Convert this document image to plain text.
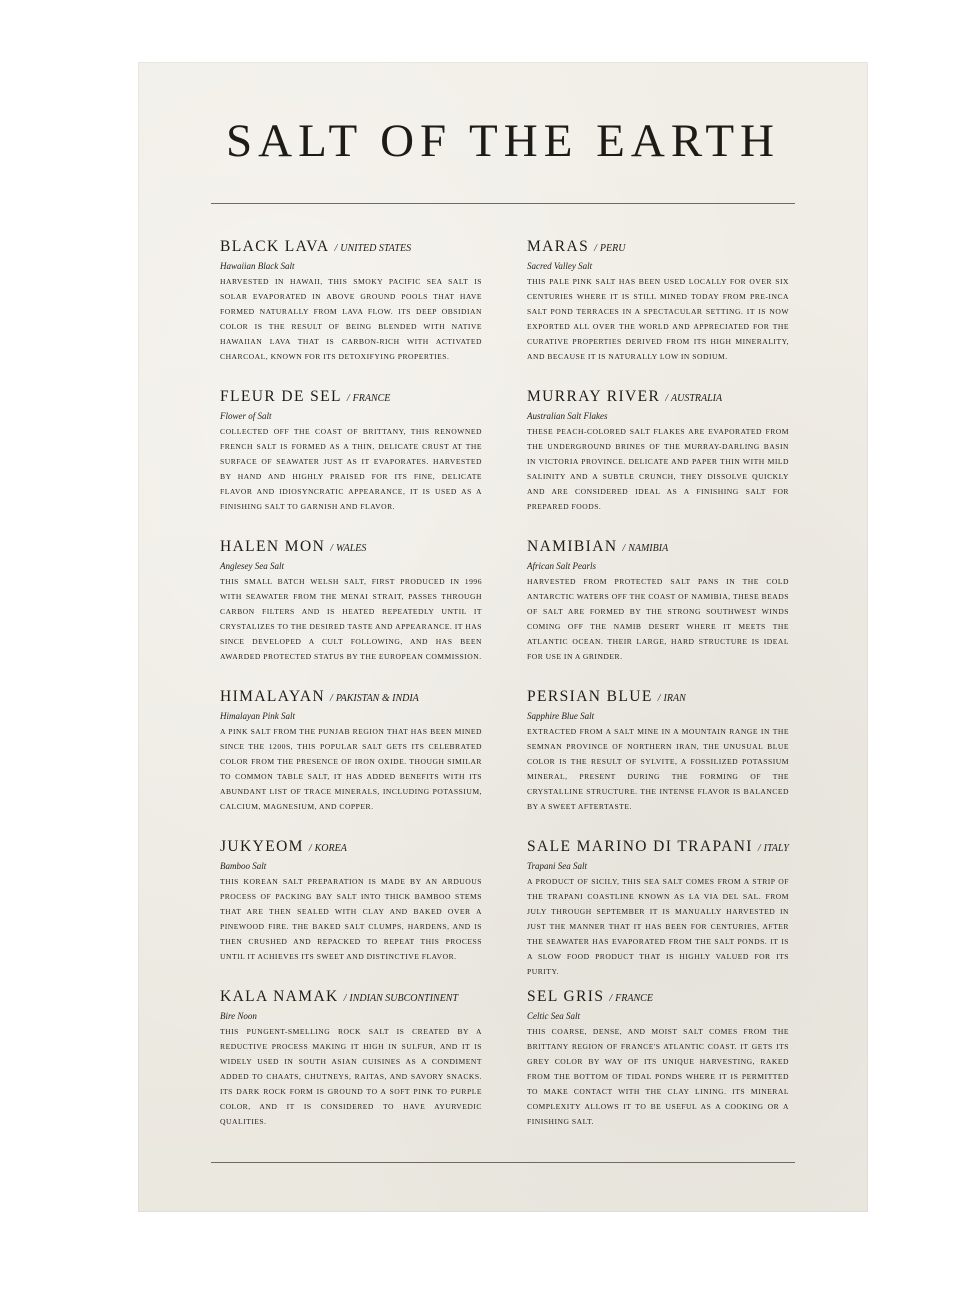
SALT OF THE EARTH
BLACK LAVA / UNITED STATES
Hawaiian Black Salt
HARVESTED IN HAWAII, THIS SMOKY PACIFIC SEA SALT IS SOLAR EVAPORATED IN ABOVE GROUND POOLS THAT HAVE FORMED NATURALLY FROM LAVA FLOW. ITS DEEP OBSIDIAN COLOR IS THE RESULT OF BEING BLENDED WITH NATIVE HAWAIIAN LAVA THAT IS CARBON-RICH WITH ACTIVATED CHARCOAL, KNOWN FOR ITS DETOXIFYING PROPERTIES.
FLEUR DE SEL / FRANCE
Flower of Salt
COLLECTED OFF THE COAST OF BRITTANY, THIS RENOWNED FRENCH SALT IS FORMED AS A THIN, DELICATE CRUST AT THE SURFACE OF SEAWATER JUST AS IT EVAPORATES. HARVESTED BY HAND AND HIGHLY PRAISED FOR ITS FINE, DELICATE FLAVOR AND IDIOSYNCRATIC APPEARANCE, IT IS USED AS A FINISHING SALT TO GARNISH AND FLAVOR.
HALEN MON / WALES
Anglesey Sea Salt
THIS SMALL BATCH WELSH SALT, FIRST PRODUCED IN 1996 WITH SEAWATER FROM THE MENAI STRAIT, PASSES THROUGH CARBON FILTERS AND IS HEATED REPEATEDLY UNTIL IT CRYSTALIZES TO THE DESIRED TASTE AND APPEARANCE. IT HAS SINCE DEVELOPED A CULT FOLLOWING, AND HAS BEEN AWARDED PROTECTED STATUS BY THE EUROPEAN COMMISSION.
HIMALAYAN / PAKISTAN & INDIA
Himalayan Pink Salt
A PINK SALT FROM THE PUNJAB REGION THAT HAS BEEN MINED SINCE THE 1200S, THIS POPULAR SALT GETS ITS CELEBRATED COLOR FROM THE PRESENCE OF IRON OXIDE. THOUGH SIMILAR TO COMMON TABLE SALT, IT HAS ADDED BENEFITS WITH ITS ABUNDANT LIST OF TRACE MINERALS, INCLUDING POTASSIUM, CALCIUM, MAGNESIUM, AND COPPER.
JUKYEOM / KOREA
Bamboo Salt
THIS KOREAN SALT PREPARATION IS MADE BY AN ARDUOUS PROCESS OF PACKING BAY SALT INTO THICK BAMBOO STEMS THAT ARE THEN SEALED WITH CLAY AND BAKED OVER A PINEWOOD FIRE. THE BAKED SALT CLUMPS, HARDENS, AND IS THEN CRUSHED AND REPACKED TO REPEAT THIS PROCESS UNTIL IT ACHIEVES ITS SWEET AND DISTINCTIVE FLAVOR.
KALA NAMAK / INDIAN SUBCONTINENT
Bire Noon
THIS PUNGENT-SMELLING ROCK SALT IS CREATED BY A REDUCTIVE PROCESS MAKING IT HIGH IN SULFUR, AND IT IS WIDELY USED IN SOUTH ASIAN CUISINES AS A CONDIMENT ADDED TO CHAATS, CHUTNEYS, RAITAS, AND SAVORY SNACKS. ITS DARK ROCK FORM IS GROUND TO A SOFT PINK TO PURPLE COLOR, AND IT IS CONSIDERED TO HAVE AYURVEDIC QUALITIES.
MARAS / PERU
Sacred Valley Salt
THIS PALE PINK SALT HAS BEEN USED LOCALLY FOR OVER SIX CENTURIES WHERE IT IS STILL MINED TODAY FROM PRE-INCA SALT POND TERRACES IN A SPECTACULAR SETTING. IT IS NOW EXPORTED ALL OVER THE WORLD AND APPRECIATED FOR THE CURATIVE PROPERTIES DERIVED FROM ITS HIGH MINERALITY, AND BECAUSE IT IS NATURALLY LOW IN SODIUM.
MURRAY RIVER / AUSTRALIA
Australian Salt Flakes
THESE PEACH-COLORED SALT FLAKES ARE EVAPORATED FROM THE UNDERGROUND BRINES OF THE MURRAY-DARLING BASIN IN VICTORIA PROVINCE. DELICATE AND PAPER THIN WITH MILD SALINITY AND A SUBTLE CRUNCH, THEY DISSOLVE QUICKLY AND ARE CONSIDERED IDEAL AS A FINISHING SALT FOR PREPARED FOODS.
NAMIBIAN / NAMIBIA
African Salt Pearls
HARVESTED FROM PROTECTED SALT PANS IN THE COLD ANTARCTIC WATERS OFF THE COAST OF NAMIBIA, THESE BEADS OF SALT ARE FORMED BY THE STRONG SOUTHWEST WINDS COMING OFF THE NAMIB DESERT WHERE IT MEETS THE ATLANTIC OCEAN. THEIR LARGE, HARD STRUCTURE IS IDEAL FOR USE IN A GRINDER.
PERSIAN BLUE / IRAN
Sapphire Blue Salt
EXTRACTED FROM A SALT MINE IN A MOUNTAIN RANGE IN THE SEMNAN PROVINCE OF NORTHERN IRAN, THE UNUSUAL BLUE COLOR IS THE RESULT OF SYLVITE, A FOSSILIZED POTASSIUM MINERAL, PRESENT DURING THE FORMING OF THE CRYSTALLINE STRUCTURE. THE INTENSE FLAVOR IS BALANCED BY A SWEET AFTERTASTE.
SALE MARINO DI TRAPANI / ITALY
Trapani Sea Salt
A PRODUCT OF SICILY, THIS SEA SALT COMES FROM A STRIP OF THE TRAPANI COASTLINE KNOWN AS LA VIA DEL SAL. FROM JULY THROUGH SEPTEMBER IT IS MANUALLY HARVESTED IN JUST THE MANNER THAT IT HAS BEEN FOR CENTURIES, AFTER THE SEAWATER HAS EVAPORATED FROM THE SALT PONDS. IT IS A SLOW FOOD PRODUCT THAT IS HIGHLY VALUED FOR ITS PURITY.
SEL GRIS / FRANCE
Celtic Sea Salt
THIS COARSE, DENSE, AND MOIST SALT COMES FROM THE BRITTANY REGION OF FRANCE'S ATLANTIC COAST. IT GETS ITS GREY COLOR BY WAY OF ITS UNIQUE HARVESTING, RAKED FROM THE BOTTOM OF TIDAL PONDS WHERE IT IS PERMITTED TO MAKE CONTACT WITH THE CLAY LINING. ITS MINERAL COMPLEXITY ALLOWS IT TO BE USEFUL AS A COOKING OR A FINISHING SALT.
